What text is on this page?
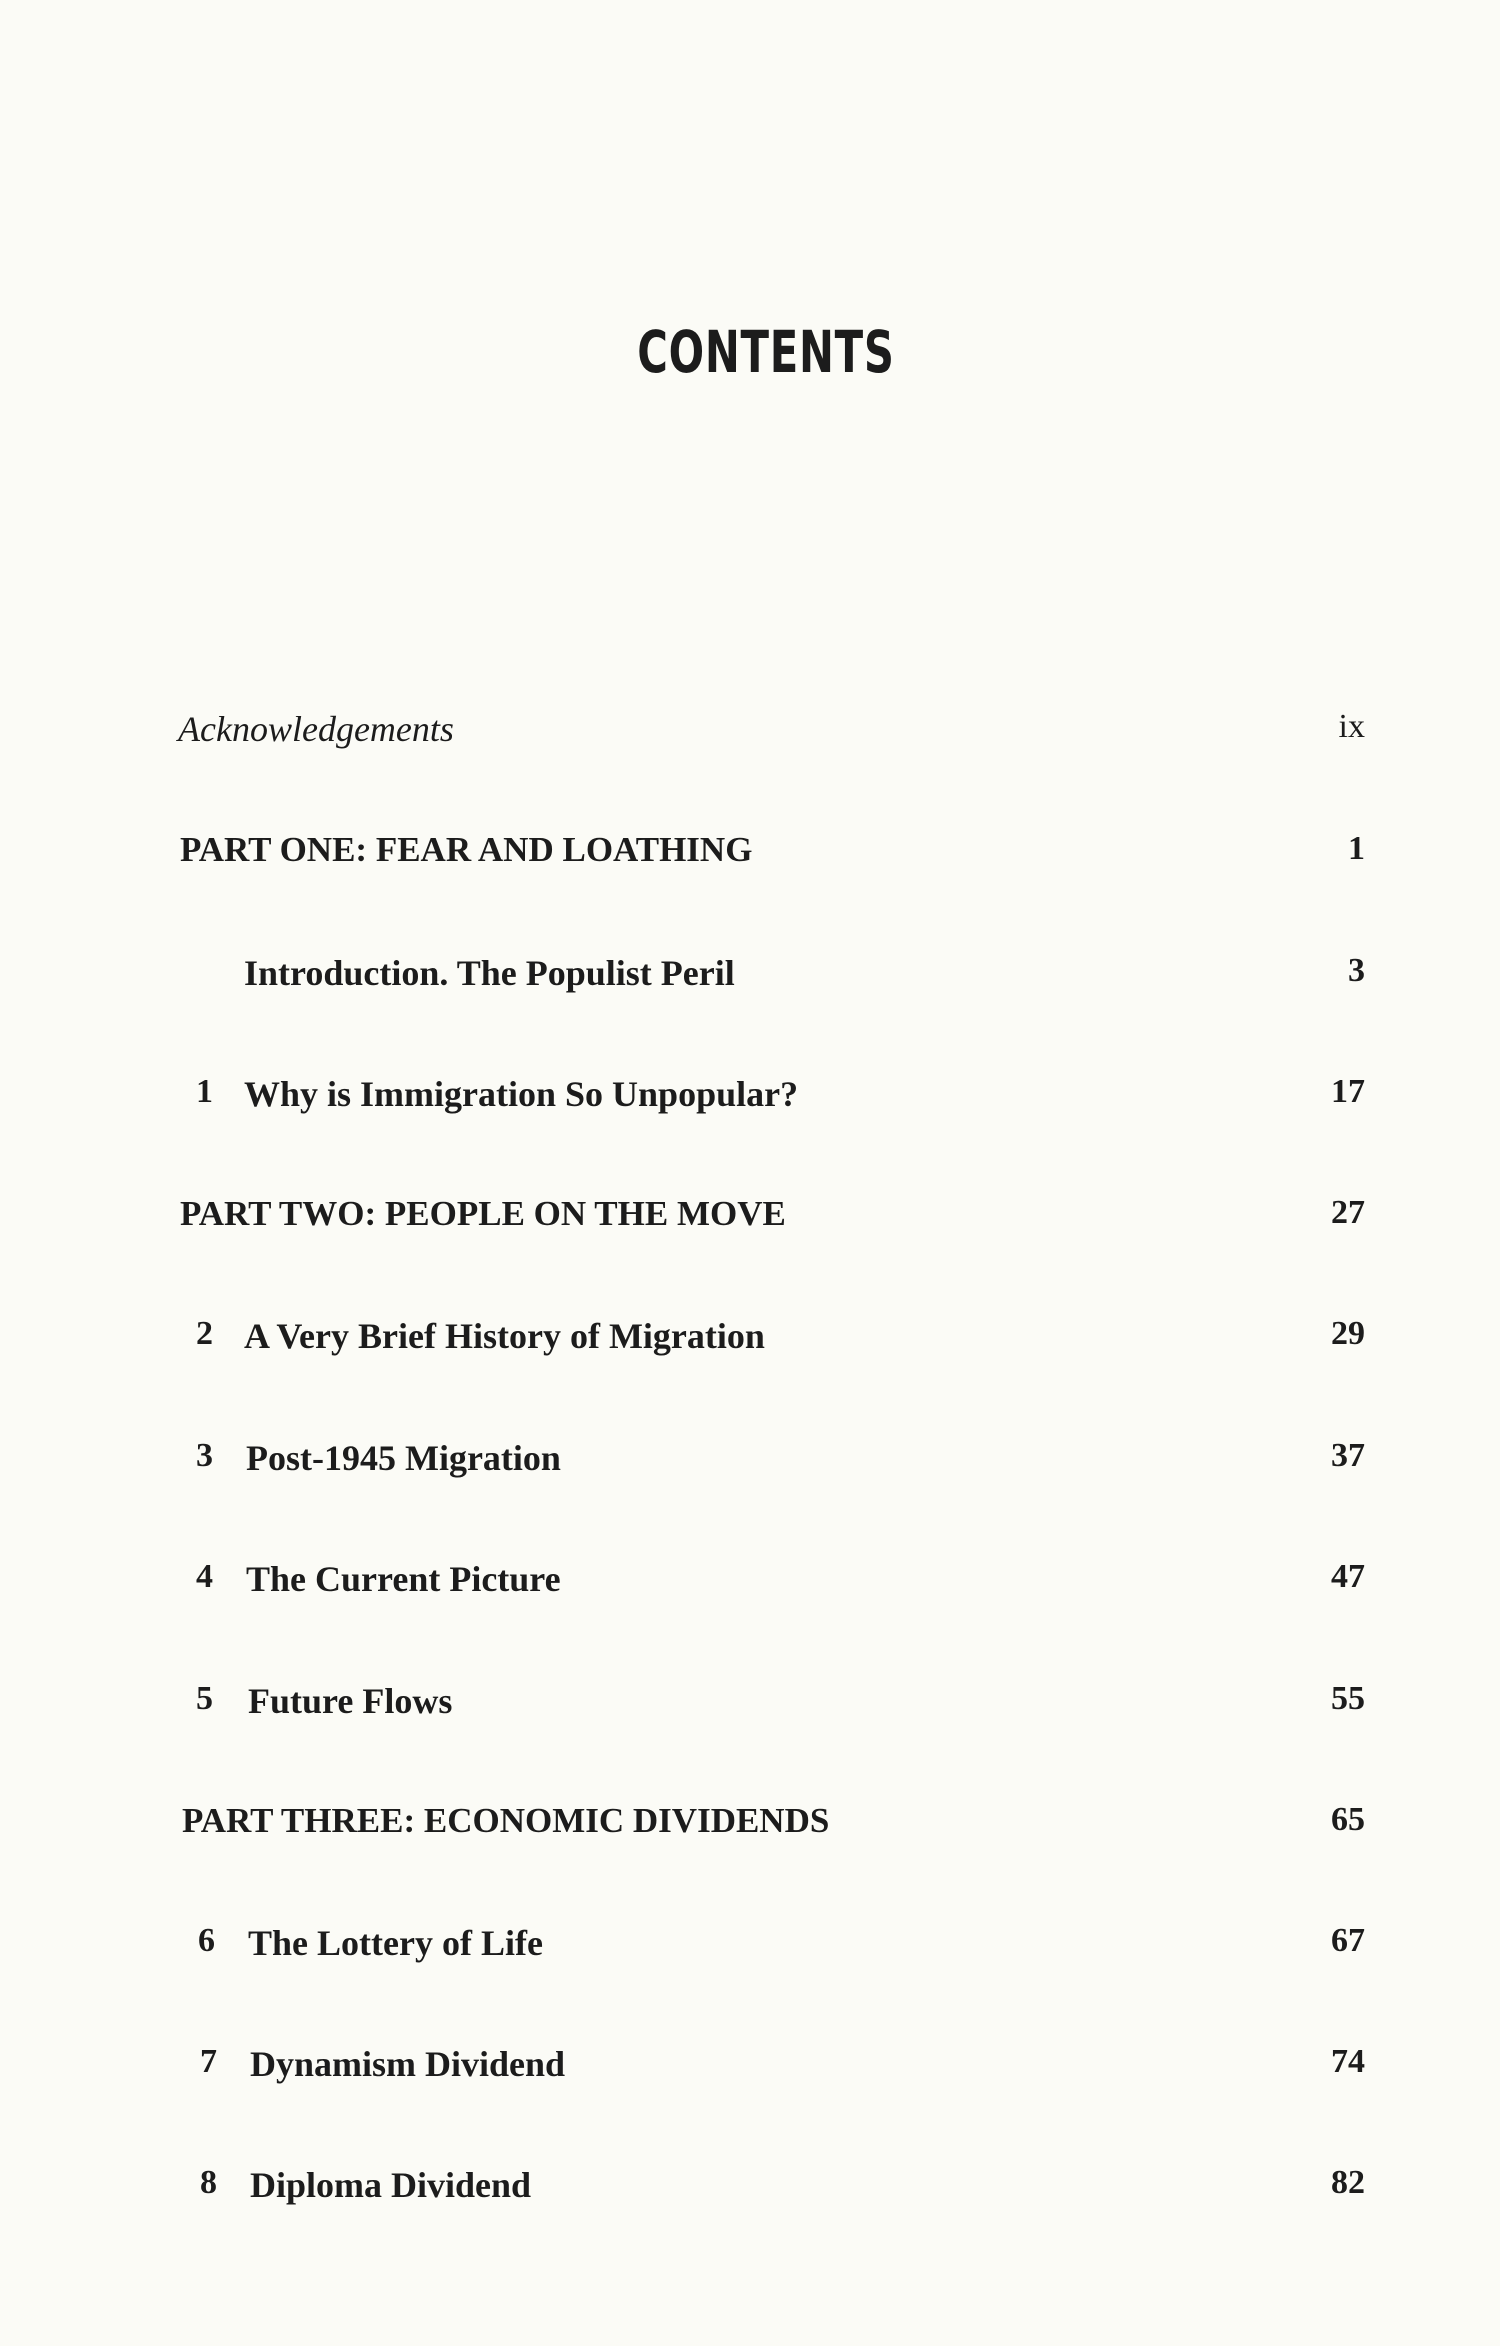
CONTENTS
Acknowledgements	ix
PART ONE: FEAR AND LOATHING	1
Introduction. The Populist Peril	3
1 Why is Immigration So Unpopular?	17
PART TWO: PEOPLE ON THE MOVE	27
2 A Very Brief History of Migration	29
3 Post-1945 Migration	37
4 The Current Picture	47
5 Future Flows	55
PART THREE: ECONOMIC DIVIDENDS	65
6 The Lottery of Life	67
7 Dynamism Dividend	74
8 Diploma Dividend	82
